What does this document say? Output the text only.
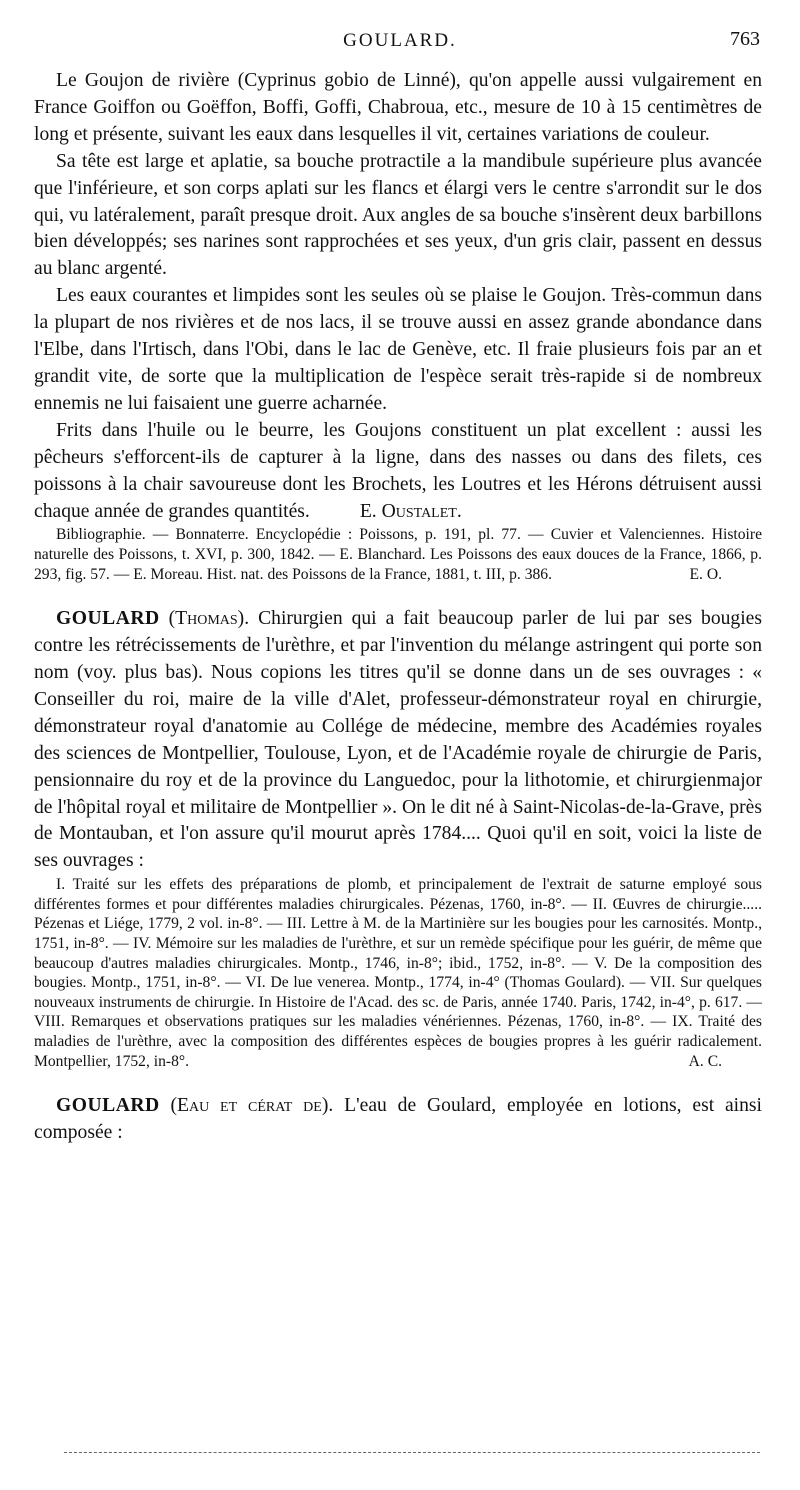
GOULARD.	763

Le Goujon de rivière (Cyprinus gobio de Linné), qu'on appelle aussi vulgairement en France Goiffon ou Goëffon, Boffi, Goffi, Chabroua, etc., mesure de 10 à 15 centimètres de long et présente, suivant les eaux dans lesquelles il vit, certaines variations de couleur.

Sa tête est large et aplatie, sa bouche protractile a la mandibule supérieure plus avancée que l'inférieure, et son corps aplati sur les flancs et élargi vers le centre s'arrondit sur le dos qui, vu latéralement, paraît presque droit. Aux angles de sa bouche s'insèrent deux barbillons bien développés; ses narines sont rapprochées et ses yeux, d'un gris clair, passent en dessus au blanc argenté.

Les eaux courantes et limpides sont les seules où se plaise le Goujon. Très-commun dans la plupart de nos rivières et de nos lacs, il se trouve aussi en assez grande abondance dans l'Elbe, dans l'Irtisch, dans l'Obi, dans le lac de Genève, etc. Il fraie plusieurs fois par an et grandit vite, de sorte que la multiplication de l'espèce serait très-rapide si de nombreux ennemis ne lui faisaient une guerre acharnée.

Frits dans l'huile ou le beurre, les Goujons constituent un plat excellent : aussi les pêcheurs s'efforcent-ils de capturer à la ligne, dans des nasses ou dans des filets, ces poissons à la chair savoureuse dont les Brochets, les Loutres et les Hérons détruisent aussi chaque année de grandes quantités.	E. Oustalet.

Bibliographie. — Bonnaterre. Encyclopédie : Poissons, p. 191, pl. 77. — Cuvier et Valenciennes. Histoire naturelle des Poissons, t. XVI, p. 300, 1842. — E. Blanchard. Les Poissons des eaux douces de la France, 1866, p. 293, fig. 57. — E. Moreau. Hist. nat. des Poissons de la France, 1881, t. III, p. 386.	E. O.

GOULARD (Thomas). Chirurgien qui a fait beaucoup parler de lui par ses bougies contre les rétrécissements de l'urèthre, et par l'invention du mélange astringent qui porte son nom (voy. plus bas). Nous copions les titres qu'il se donne dans un de ses ouvrages : « Conseiller du roi, maire de la ville d'Alet, professeur-démonstrateur royal en chirurgie, démonstrateur royal d'anatomie au Collége de médecine, membre des Académies royales des sciences de Montpellier, Toulouse, Lyon, et de l'Académie royale de chirurgie de Paris, pensionnaire du roy et de la province du Languedoc, pour la lithotomie, et chirurgienmajor de l'hôpital royal et militaire de Montpellier ». On le dit né à Saint-Nicolas-de-la-Grave, près de Montauban, et l'on assure qu'il mourut après 1784.... Quoi qu'il en soit, voici la liste de ses ouvrages :

I. Traité sur les effets des préparations de plomb, et principalement de l'extrait de saturne employé sous différentes formes et pour différentes maladies chirurgicales. Pézenas, 1760, in-8°. — II. Œuvres de chirurgie..... Pézenas et Liége, 1779, 2 vol. in-8°. — III. Lettre à M. de la Martinière sur les bougies pour les carnosités. Montp., 1751, in-8°. — IV. Mémoire sur les maladies de l'urèthre, et sur un remède spécifique pour les guérir, de même que beaucoup d'autres maladies chirurgicales. Montp., 1746, in-8°; ibid., 1752, in-8°. — V. De la composition des bougies. Montp., 1751, in-8°. — VI. De lue venerea. Montp., 1774, in-4° (Thomas Goulard). — VII. Sur quelques nouveaux instruments de chirurgie. In Histoire de l'Acad. des sc. de Paris, année 1740. Paris, 1742, in-4°, p. 617. — VIII. Remarques et observations pratiques sur les maladies vénériennes. Pézenas, 1760, in-8°. — IX. Traité des maladies de l'urèthre, avec la composition des différentes espèces de bougies propres à les guérir radicalement. Montpellier, 1752, in-8°.	A. C.

GOULARD (Eau et cérat de). L'eau de Goulard, employée en lotions, est ainsi composée :
